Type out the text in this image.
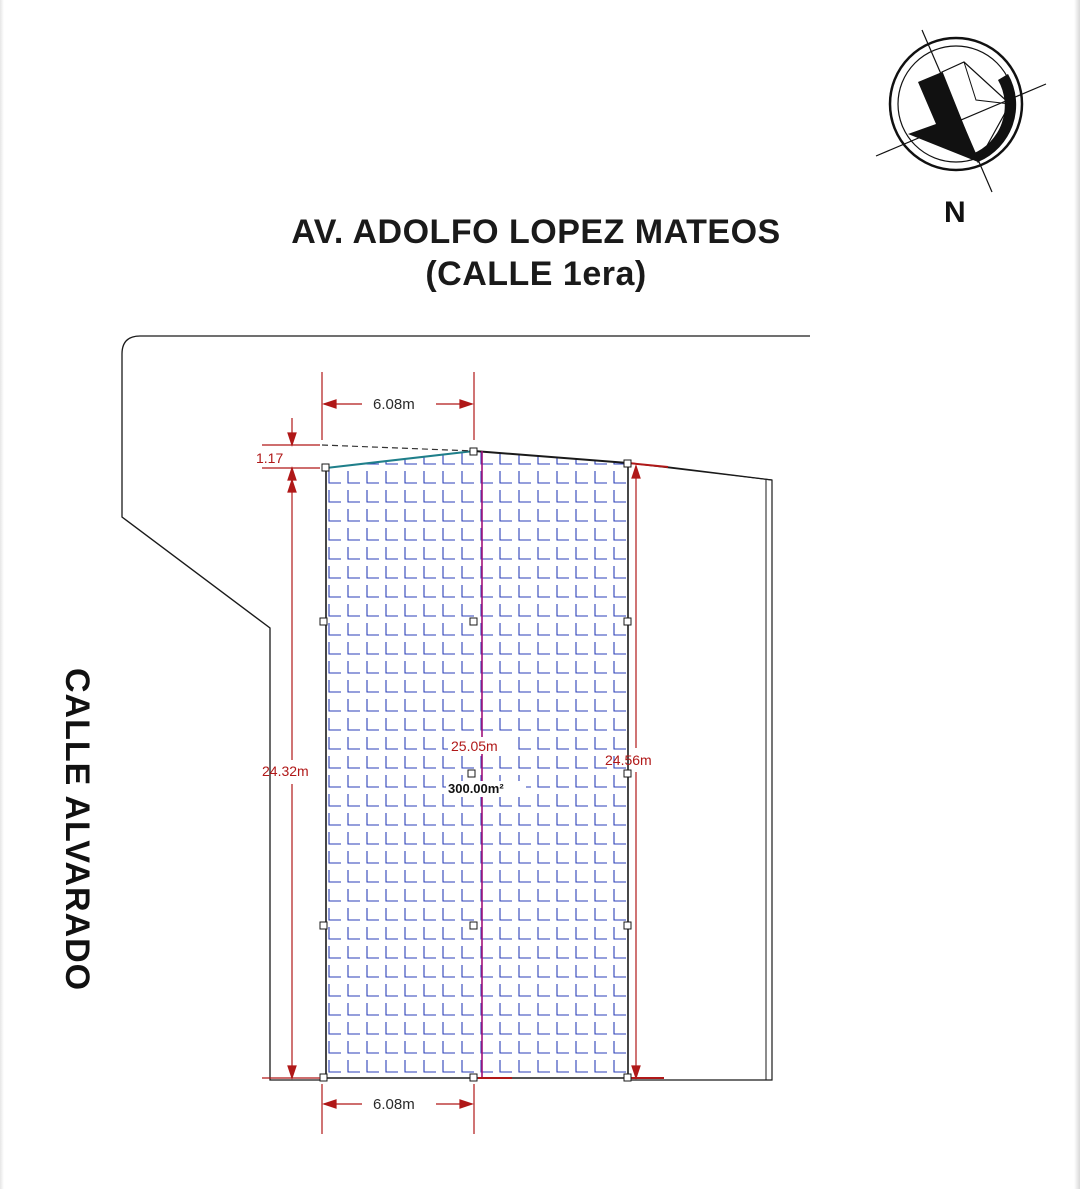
6.08m
1.17
24.32m
24.56m
25.05m
300.00m²
6.08m
AV. ADOLFO LOPEZ MATEOS
(CALLE 1era)
N
CALLE ALVARADO
